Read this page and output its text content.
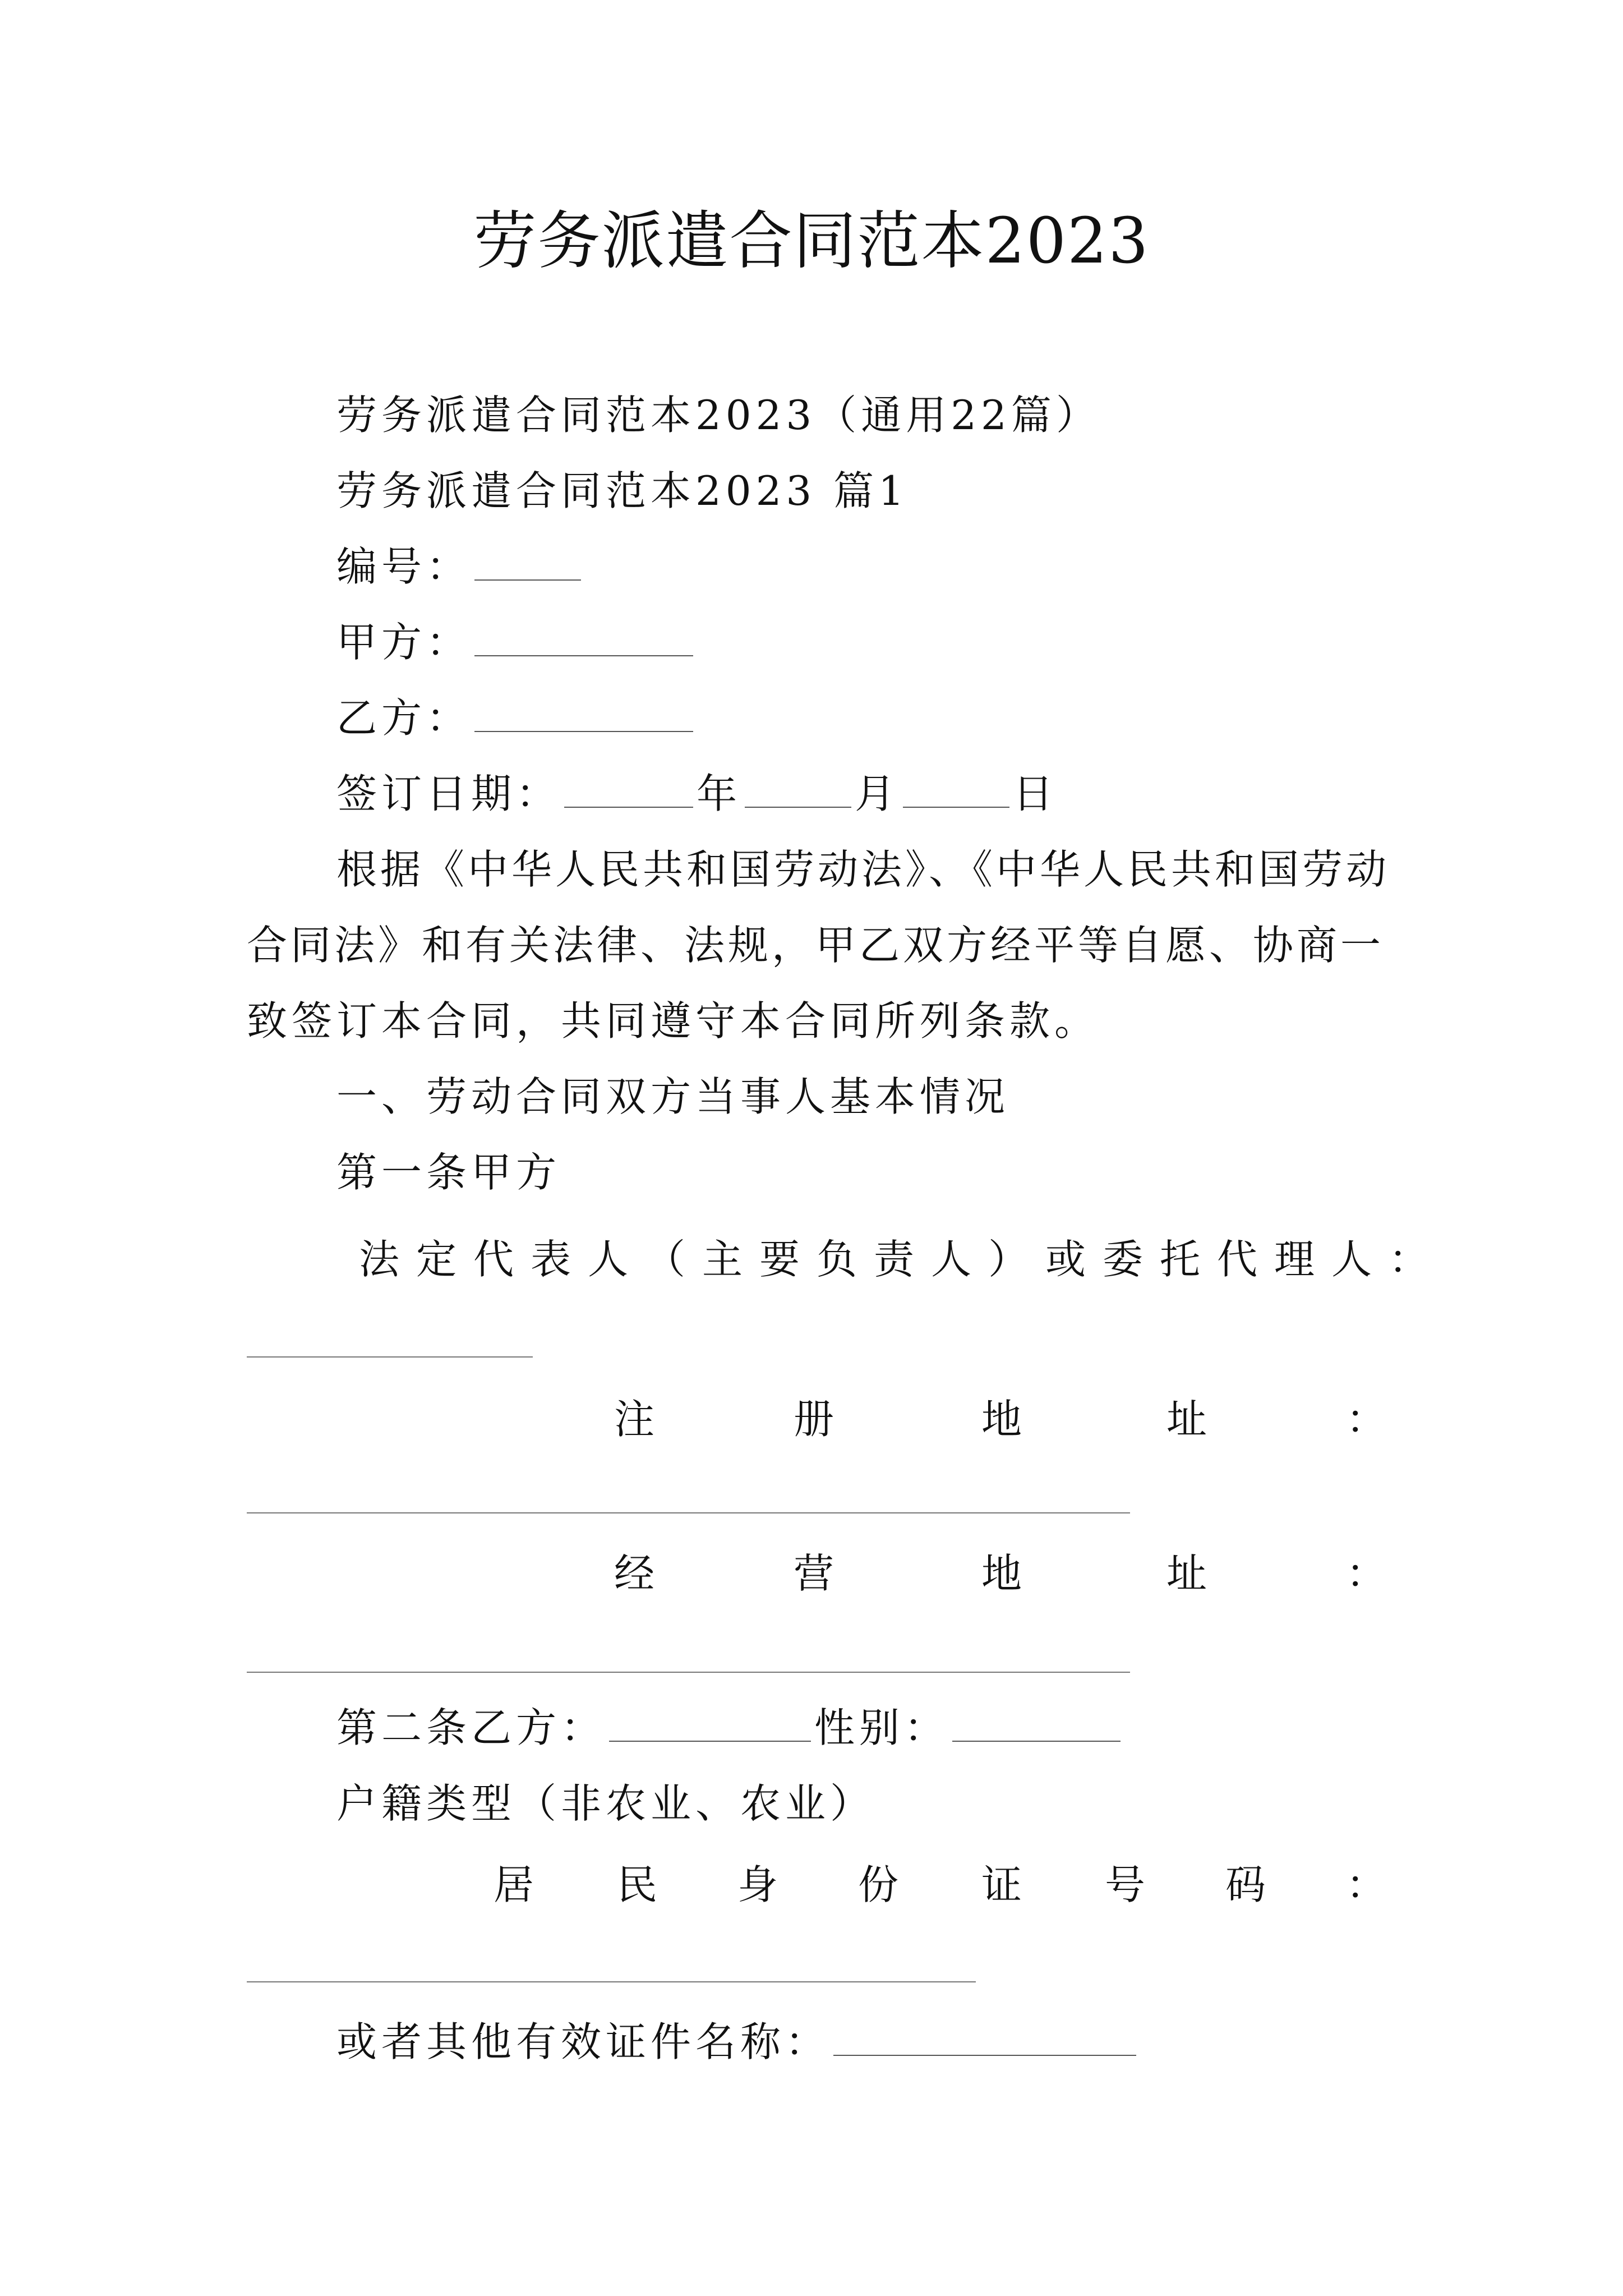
劳务派遣合同范本2023
劳务派遣合同范本2023（通用22篇）
劳务派遣合同范本2023 篇1
编号：
甲方：
乙方：
签订日期：	年	月	日
根据《中华人民共和国劳动法》、《中华人民共和国劳动
合同法》和有关法律、法规，甲乙双方经平等自愿、协商一
致签订本合同，共同遵守本合同所列条款。
一、劳动合同双方当事人基本情况
第一条甲方
法定代表人（主要负责人）或委托代理人：
注	册	地	址	：
经	营	地	址	：
第二条乙方：	性别：
户籍类型（非农业、农业）
居 民 身 份 证 号 码 ：
或者其他有效证件名称：
